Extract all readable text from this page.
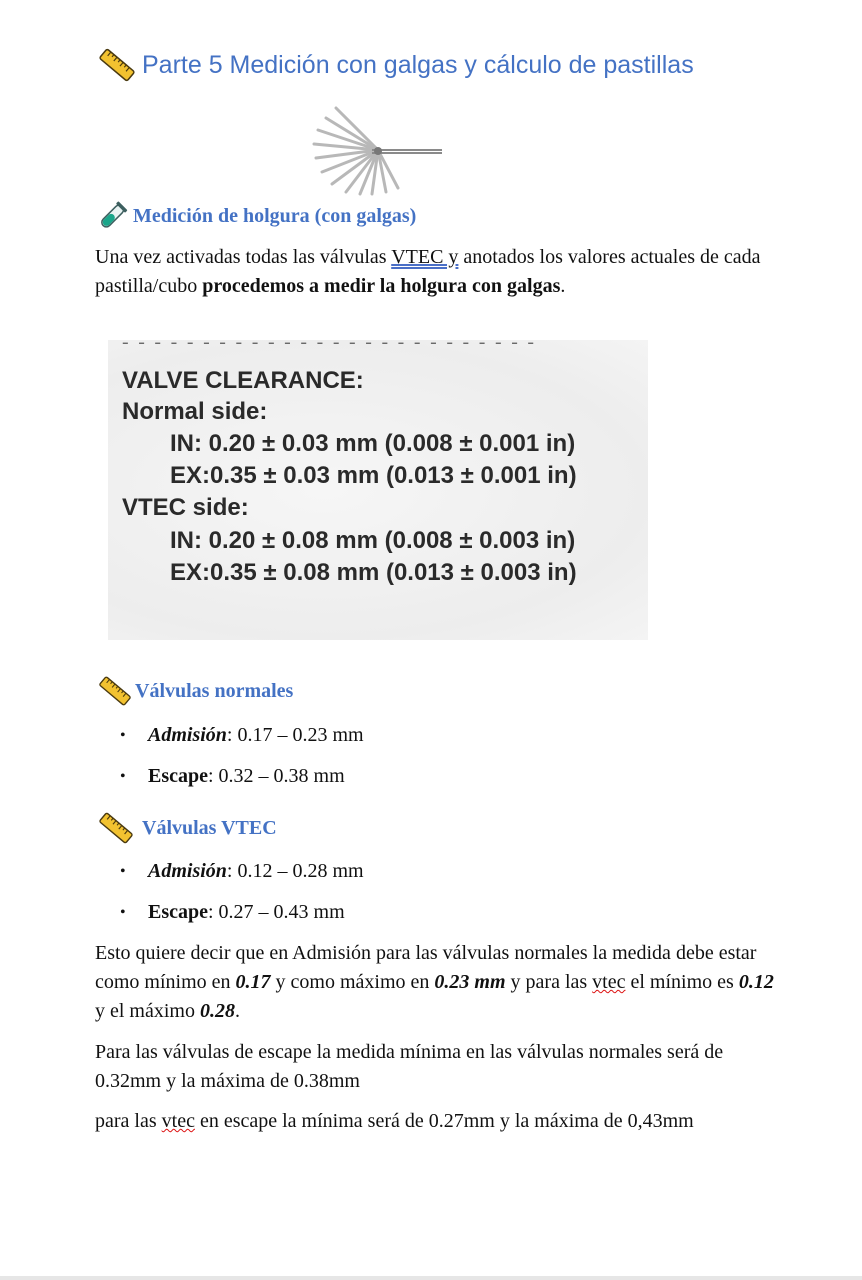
Parte 5 Medición con galgas y cálculo de pastillas
Medición de holgura (con galgas)
Una vez activadas todas las válvulas VTEC y anotados los valores actuales de cada pastilla/cubo procedemos a medir la holgura con galgas.
- - - - - - - - - - - - - - - - - - - - - - - - - -
VALVE CLEARANCE:
Normal side:
IN: 0.20 ± 0.03 mm (0.008 ± 0.001 in)
EX:0.35 ± 0.03 mm (0.013 ± 0.001 in)
VTEC side:
IN: 0.20 ± 0.08 mm (0.008 ± 0.003 in)
EX:0.35 ± 0.08 mm (0.013 ± 0.003 in)
Válvulas normales
• Admisión: 0.17 – 0.23 mm
• Escape: 0.32 – 0.38 mm
Válvulas VTEC
• Admisión: 0.12 – 0.28 mm
• Escape: 0.27 – 0.43 mm
Esto quiere decir que en Admisión para las válvulas normales la medida debe estar como mínimo en 0.17 y como máximo en 0.23 mm y para las vtec el mínimo es 0.12 y el máximo 0.28.
Para las válvulas de escape la medida mínima en las válvulas normales será de 0.32mm y la máxima de 0.38mm
para las vtec en escape la mínima será de 0.27mm y la máxima de 0,43mm
